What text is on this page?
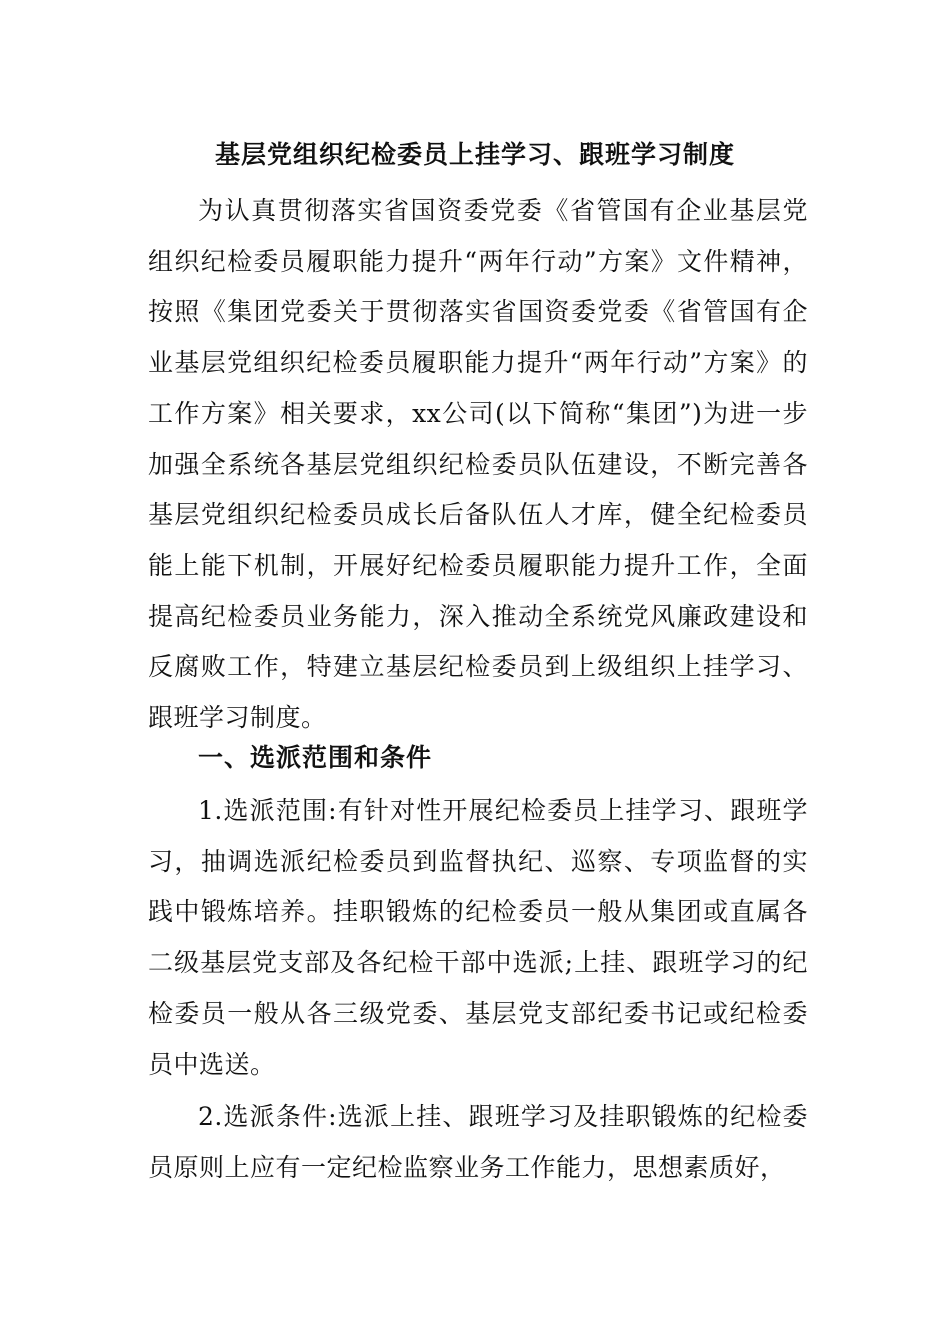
基层党组织纪检委员上挂学习、跟班学习制度

为认真贯彻落实省国资委党委《省管国有企业基层党组织纪检委员履职能力提升“两年行动”方案》文件精神，按照《集团党委关于贯彻落实省国资委党委《省管国有企业基层党组织纪检委员履职能力提升“两年行动”方案》的工作方案》相关要求，xx公司(以下简称“集团”)为进一步加强全系统各基层党组织纪检委员队伍建设，不断完善各基层党组织纪检委员成长后备队伍人才库，健全纪检委员能上能下机制，开展好纪检委员履职能力提升工作，全面提高纪检委员业务能力，深入推动全系统党风廉政建设和反腐败工作，特建立基层纪检委员到上级组织上挂学习、跟班学习制度。

一、选派范围和条件

1.选派范围:有针对性开展纪检委员上挂学习、跟班学习，抽调选派纪检委员到监督执纪、巡察、专项监督的实践中锻炼培养。挂职锻炼的纪检委员一般从集团或直属各二级基层党支部及各纪检干部中选派;上挂、跟班学习的纪检委员一般从各三级党委、基层党支部纪委书记或纪检委员中选送。

2.选派条件:选派上挂、跟班学习及挂职锻炼的纪检委员原则上应有一定纪检监察业务工作能力，思想素质好，
